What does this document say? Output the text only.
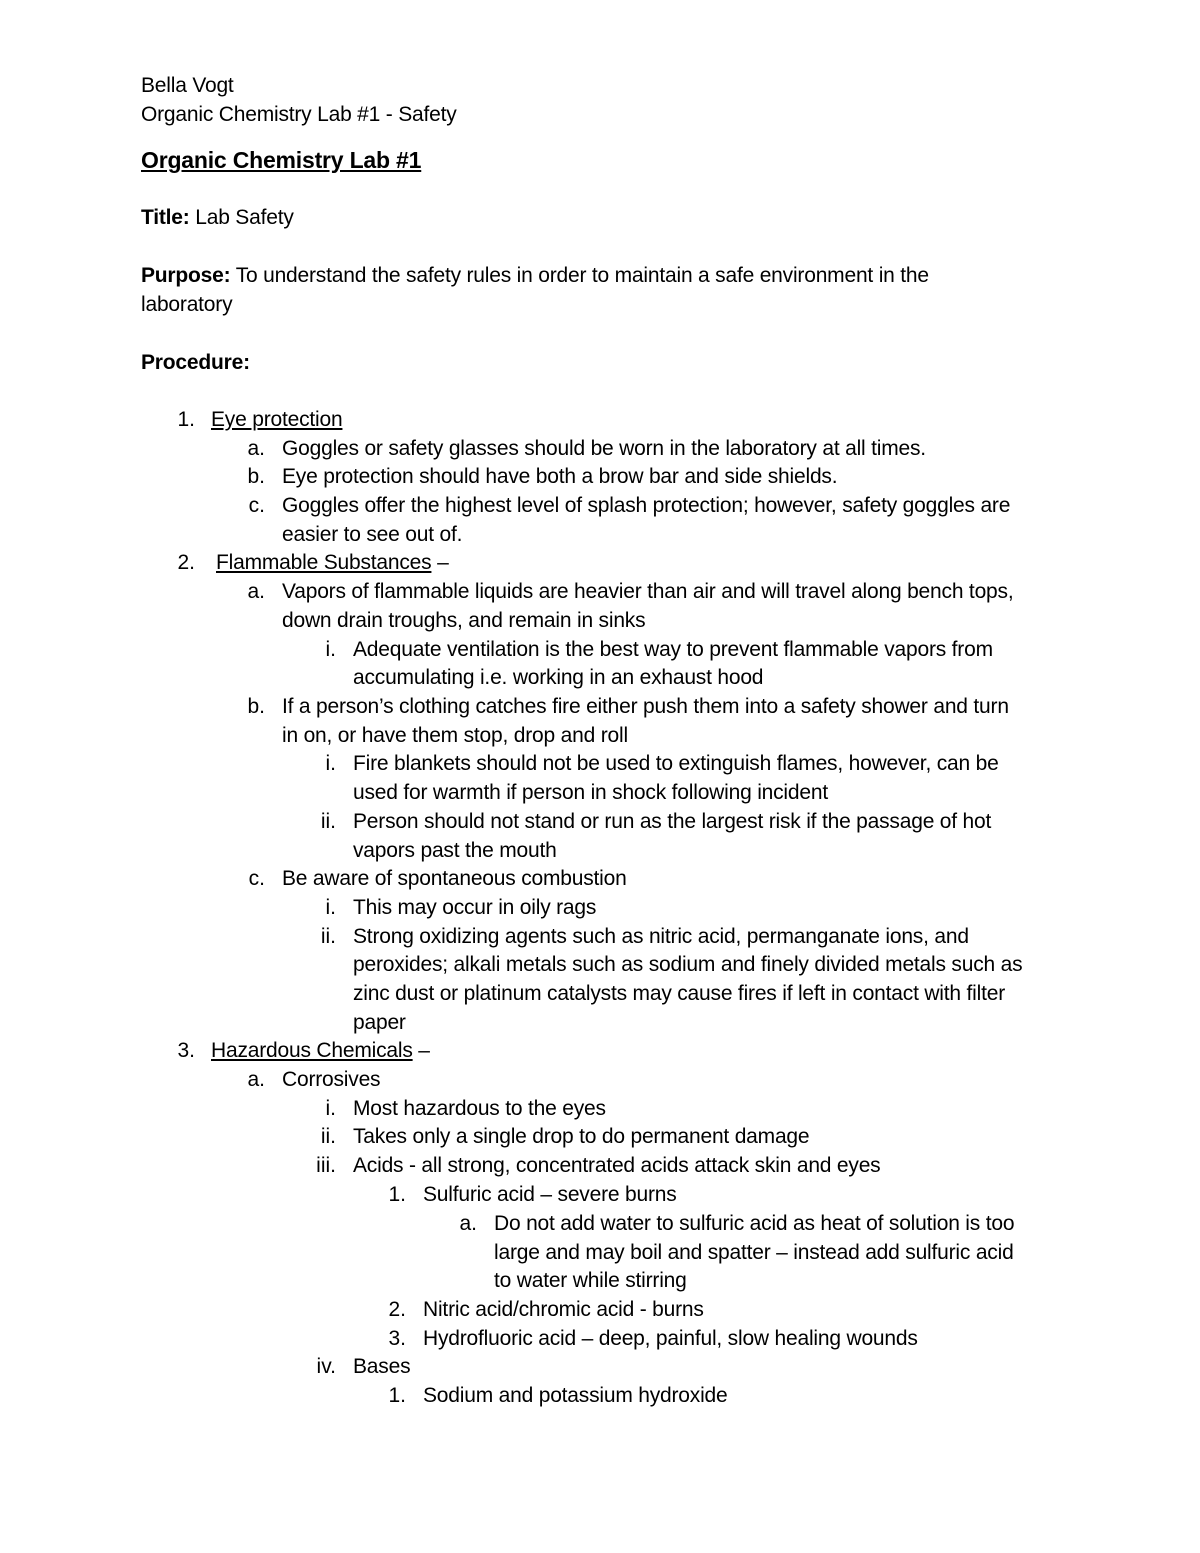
Bella Vogt
Organic Chemistry Lab #1 - Safety
Organic Chemistry Lab #1
Title: Lab Safety
Purpose: To understand the safety rules in order to maintain a safe environment in the
laboratory
Procedure:
1. Eye protection
a. Goggles or safety glasses should be worn in the laboratory at all times.
b. Eye protection should have both a brow bar and side shields.
c. Goggles offer the highest level of splash protection; however, safety goggles are
easier to see out of.
2. Flammable Substances –
a. Vapors of flammable liquids are heavier than air and will travel along bench tops,
down drain troughs, and remain in sinks
i. Adequate ventilation is the best way to prevent flammable vapors from
accumulating i.e. working in an exhaust hood
b. If a person’s clothing catches fire either push them into a safety shower and turn
in on, or have them stop, drop and roll
i. Fire blankets should not be used to extinguish flames, however, can be
used for warmth if person in shock following incident
ii. Person should not stand or run as the largest risk if the passage of hot
vapors past the mouth
c. Be aware of spontaneous combustion
i. This may occur in oily rags
ii. Strong oxidizing agents such as nitric acid, permanganate ions, and
peroxides; alkali metals such as sodium and finely divided metals such as
zinc dust or platinum catalysts may cause fires if left in contact with filter
paper
3. Hazardous Chemicals –
a. Corrosives
i. Most hazardous to the eyes
ii. Takes only a single drop to do permanent damage
iii. Acids - all strong, concentrated acids attack skin and eyes
1. Sulfuric acid – severe burns
a. Do not add water to sulfuric acid as heat of solution is too
large and may boil and spatter – instead add sulfuric acid
to water while stirring
2. Nitric acid/chromic acid - burns
3. Hydrofluoric acid – deep, painful, slow healing wounds
iv. Bases
1. Sodium and potassium hydroxide
